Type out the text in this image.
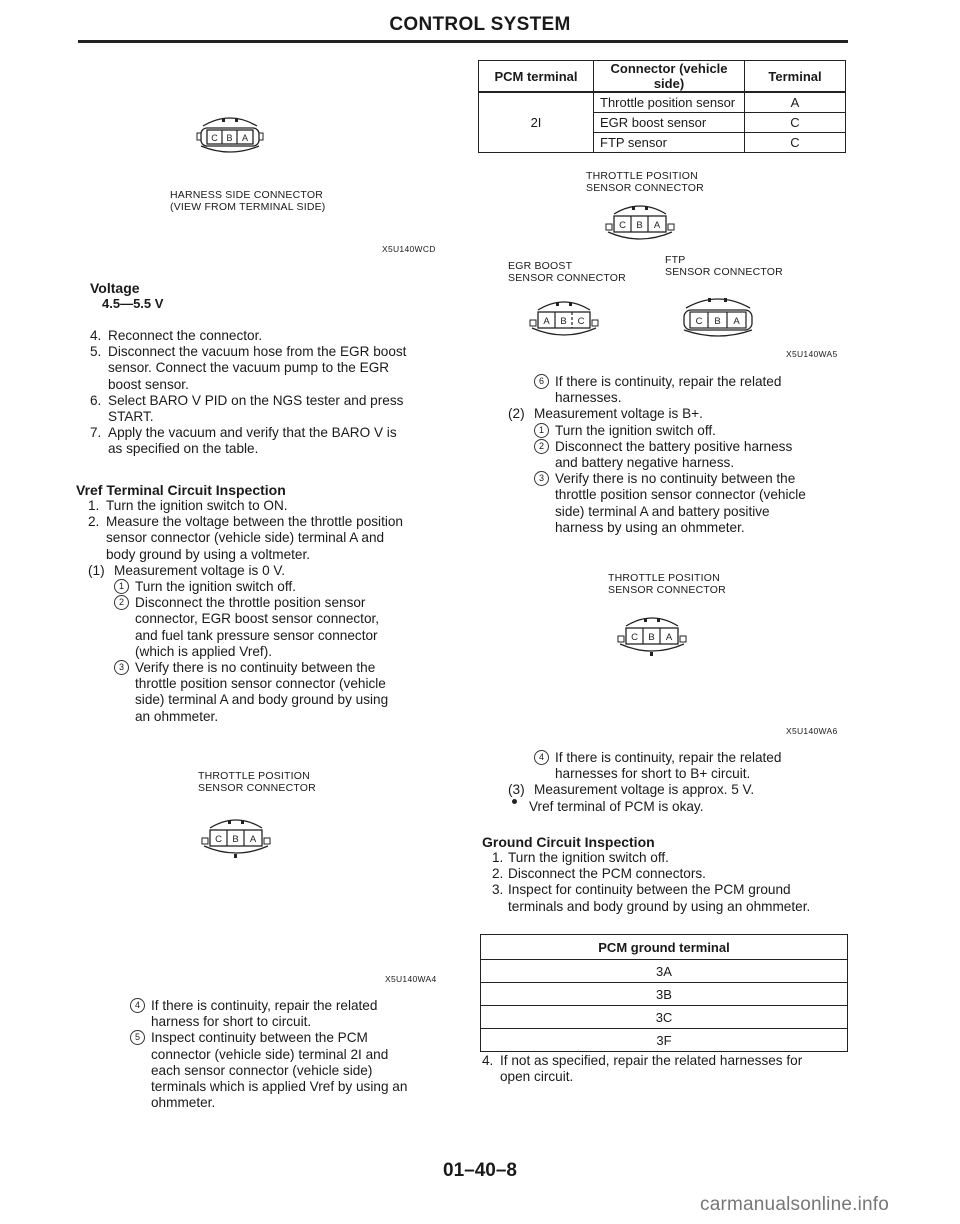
CONTROL SYSTEM
C B A
HARNESS SIDE CONNECTOR
(VIEW FROM TERMINAL SIDE)
X5U140WCD
Voltage
4.5—5.5 V
4. Reconnect the connector.
5. Disconnect the vacuum hose from the EGR boost
sensor. Connect the vacuum pump to the EGR
boost sensor.
6. Select BARO V PID on the NGS tester and press
START.
7. Apply the vacuum and verify that the BARO V is
as specified on the table.
Vref Terminal Circuit Inspection
1. Turn the ignition switch to ON.
2. Measure the voltage between the throttle position
sensor connector (vehicle side) terminal A and
body ground by using a voltmeter.
(1) Measurement voltage is 0 V.
1 Turn the ignition switch off.
2 Disconnect the throttle position sensor
connector, EGR boost sensor connector,
and fuel tank pressure sensor connector
(which is applied Vref).
3 Verify there is no continuity between the
throttle position sensor connector (vehicle
side) terminal A and body ground by using
an ohmmeter.
THROTTLE POSITION
SENSOR CONNECTOR
C B A
X5U140WA4
4 If there is continuity, repair the related
harness for short to circuit.
5 Inspect continuity between the PCM
connector (vehicle side) terminal 2I and
each sensor connector (vehicle side)
terminals which is applied Vref by using an
ohmmeter.
PCM terminal	Connector (vehicle side)	Terminal
2I	Throttle position sensor	A
	EGR boost sensor	C
	FTP sensor	C
THROTTLE POSITION
SENSOR CONNECTOR
C B A
EGR BOOST
SENSOR CONNECTOR
FTP
SENSOR CONNECTOR
A B C	C B A
X5U140WA5
6 If there is continuity, repair the related
harnesses.
(2) Measurement voltage is B+.
1 Turn the ignition switch off.
2 Disconnect the battery positive harness
and battery negative harness.
3 Verify there is no continuity between the
throttle position sensor connector (vehicle
side) terminal A and battery positive
harness by using an ohmmeter.
THROTTLE POSITION
SENSOR CONNECTOR
C B A
X5U140WA6
4 If there is continuity, repair the related
harnesses for short to B+ circuit.
(3) Measurement voltage is approx. 5 V.
Vref terminal of PCM is okay.
Ground Circuit Inspection
1. Turn the ignition switch off.
2. Disconnect the PCM connectors.
3. Inspect for continuity between the PCM ground
terminals and body ground by using an ohmmeter.
PCM ground terminal
3A
3B
3C
3F
4. If not as specified, repair the related harnesses for
open circuit.
01–40–8
carmanualsonline.info
